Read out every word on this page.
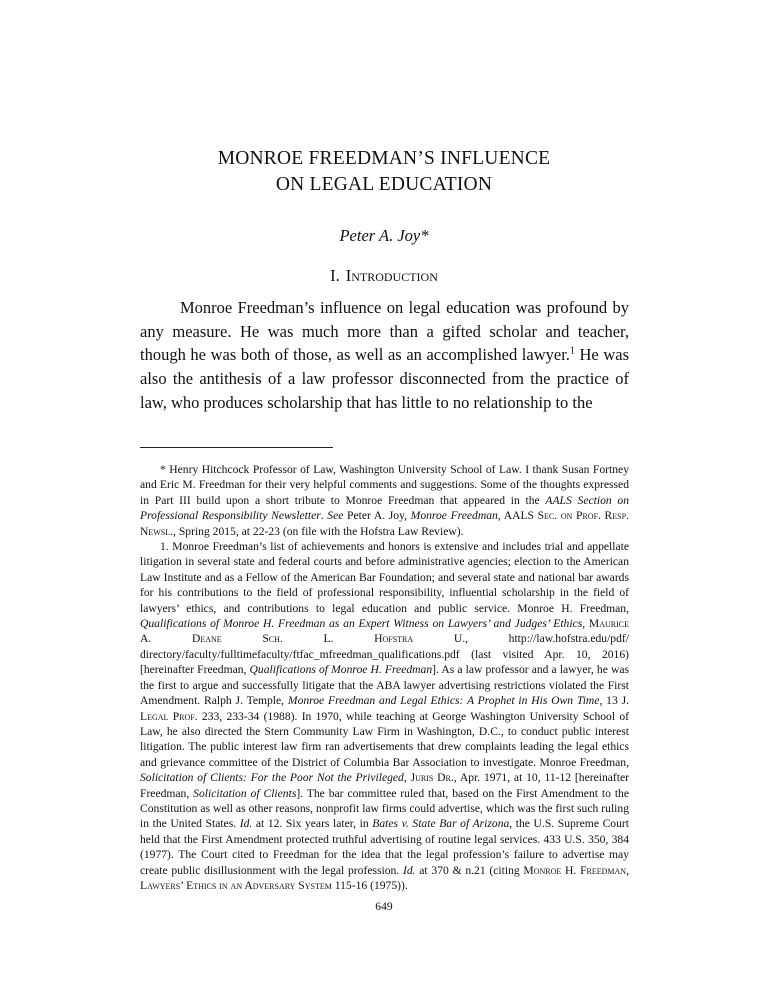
MONROE FREEDMAN’S INFLUENCE
ON LEGAL EDUCATION
Peter A. Joy*
I. Introduction

Monroe Freedman’s influence on legal education was profound by any measure. He was much more than a gifted scholar and teacher, though he was both of those, as well as an accomplished lawyer.$^1$ He was also the antithesis of a law professor disconnected from the practice of law, who produces scholarship that has little to no relationship to the

* Henry Hitchcock Professor of Law, Washington University School of Law. I thank Susan Fortney and Eric M. Freedman for their very helpful comments and suggestions. Some of the thoughts expressed in Part III build upon a short tribute to Monroe Freedman that appeared in the AALS Section on Professional Responsibility Newsletter. See Peter A. Joy, Monroe Freedman, AALS Sec. on Prof. Resp. Newsl., Spring 2015, at 22-23 (on file with the Hofstra Law Review).

1. Monroe Freedman’s list of achievements and honors is extensive and includes trial and appellate litigation in several state and federal courts and before administrative agencies; election to the American Law Institute and as a Fellow of the American Bar Foundation; and several state and national bar awards for his contributions to the field of professional responsibility, influential scholarship in the field of lawyers’ ethics, and contributions to legal education and public service. Monroe H. Freedman, Qualifications of Monroe H. Freedman as an Expert Witness on Lawyers’ and Judges’ Ethics, Maurice A. Deane Sch. L. Hofstra U., http://law.hofstra.edu/pdf/ directory/faculty/fulltimefaculty/ftfac_mfreedman_qualifications.pdf (last visited Apr. 10, 2016) [hereinafter Freedman, Qualifications of Monroe H. Freedman]. As a law professor and a lawyer, he was the first to argue and successfully litigate that the ABA lawyer advertising restrictions violated the First Amendment. Ralph J. Temple, Monroe Freedman and Legal Ethics: A Prophet in His Own Time, 13 J. Legal Prof. 233, 233-34 (1988). In 1970, while teaching at George Washington University School of Law, he also directed the Stern Community Law Firm in Washington, D.C., to conduct public interest litigation. The public interest law firm ran advertisements that drew complaints leading the legal ethics and grievance committee of the District of Columbia Bar Association to investigate. Monroe Freedman, Solicitation of Clients: For the Poor Not the Privileged, Juris Dr., Apr. 1971, at 10, 11-12 [hereinafter Freedman, Solicitation of Clients]. The bar committee ruled that, based on the First Amendment to the Constitution as well as other reasons, nonprofit law firms could advertise, which was the first such ruling in the United States. Id. at 12. Six years later, in Bates v. State Bar of Arizona, the U.S. Supreme Court held that the First Amendment protected truthful advertising of routine legal services. 433 U.S. 350, 384 (1977). The Court cited to Freedman for the idea that the legal profession’s failure to advertise may create public disillusionment with the legal profession. Id. at 370 & n.21 (citing Monroe H. Freedman, Lawyers’ Ethics in an Adversary System 115-16 (1975)).

649
